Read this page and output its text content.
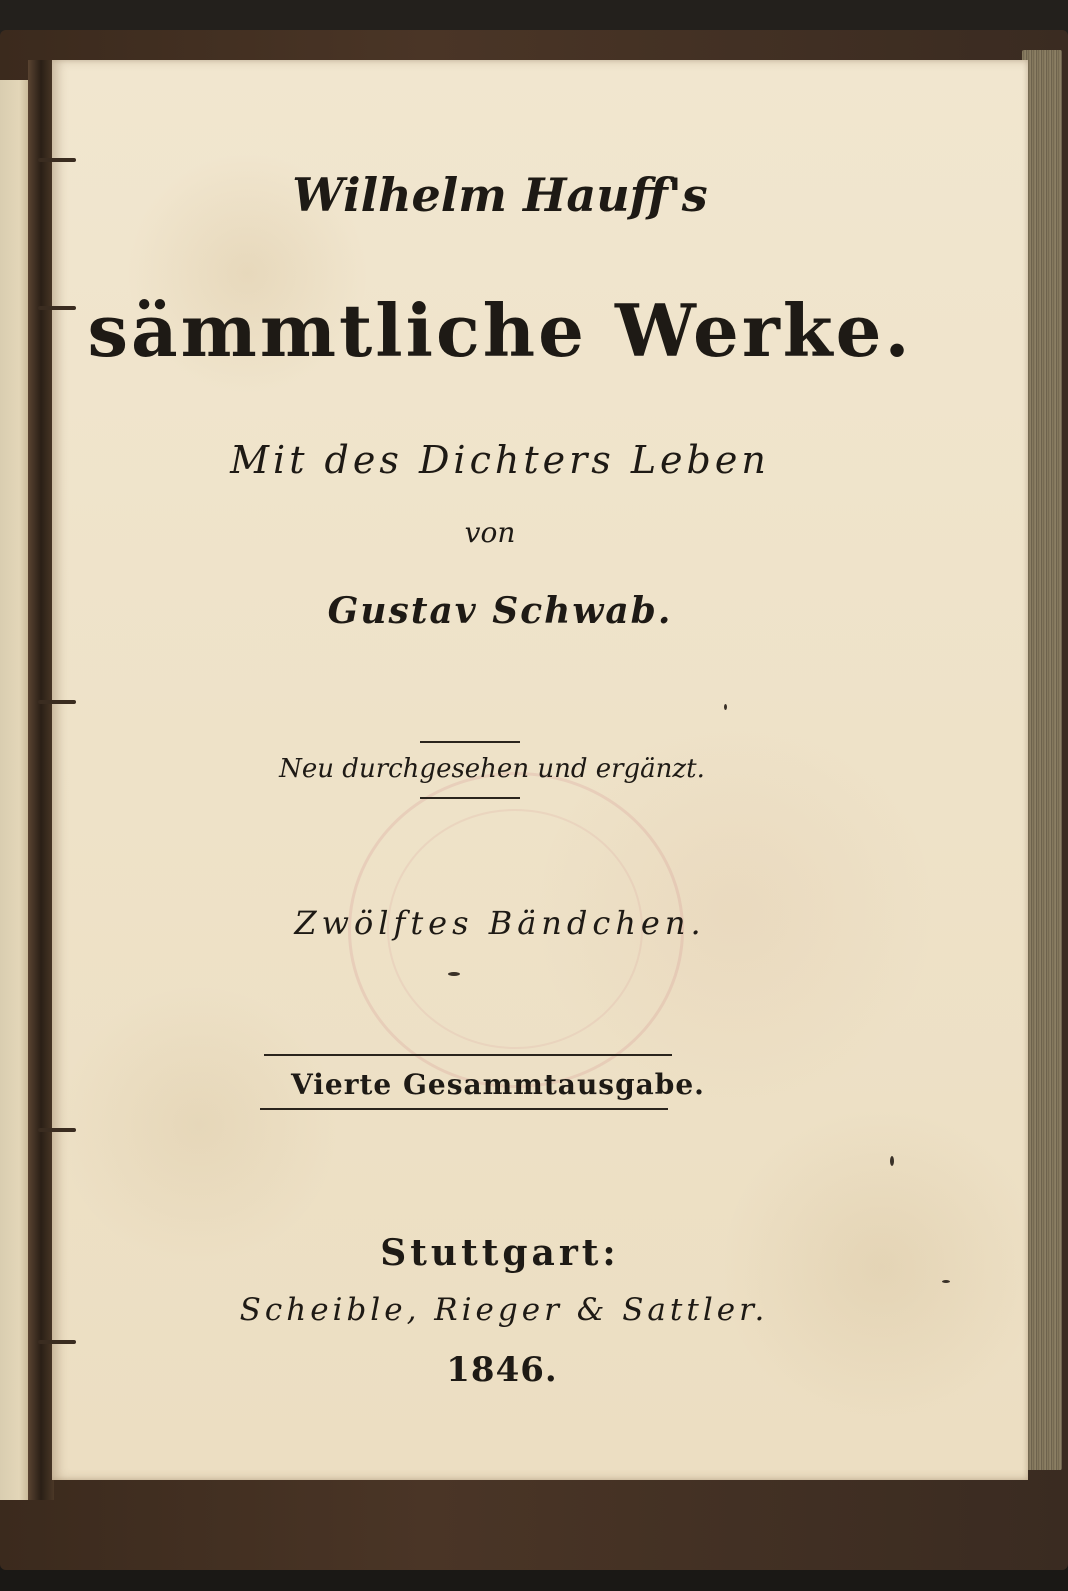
Wilhelm Hauff's
sämmtliche Werke.
Mit des Dichters Leben
von
Gustav Schwab.
Neu durchgesehen und ergänzt.
Zwölftes Bändchen.
Vierte Gesammtausgabe.
Stuttgart:
Scheible, Rieger & Sattler.
1846.
